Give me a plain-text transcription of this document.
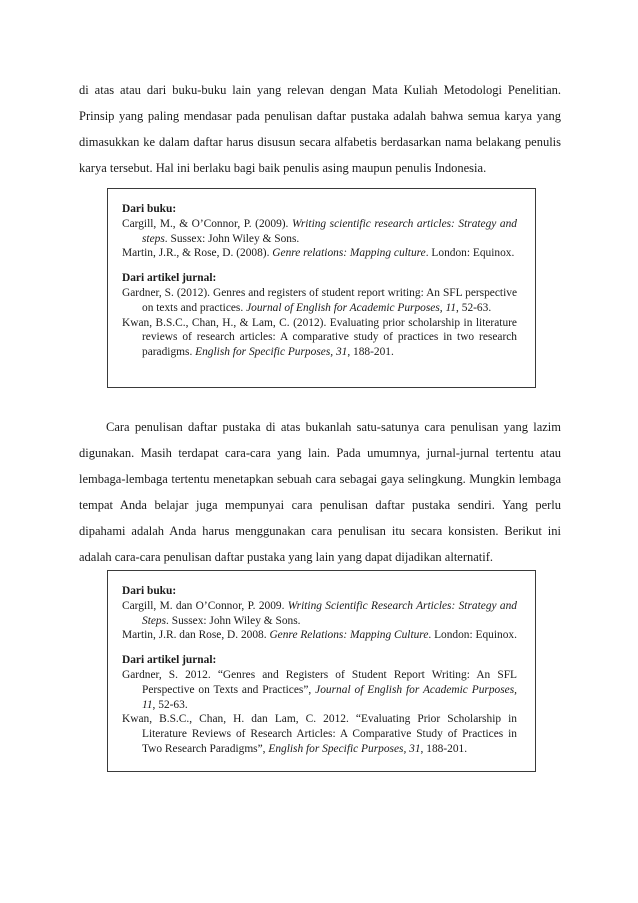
di atas atau dari buku-buku lain yang relevan dengan Mata Kuliah Metodologi Penelitian. Prinsip yang paling mendasar pada penulisan daftar pustaka adalah bahwa semua karya yang dimasukkan ke dalam daftar harus disusun secara alfabetis berdasarkan nama belakang penulis karya tersebut. Hal ini berlaku bagi baik penulis asing maupun penulis Indonesia.

Dari buku:

Cargill, M., & O’Connor, P. (2009). Writing scientific research articles: Strategy and steps. Sussex: John Wiley & Sons.

Martin, J.R., & Rose, D. (2008). Genre relations: Mapping culture. London: Equinox.

Dari artikel jurnal:

Gardner, S. (2012). Genres and registers of student report writing: An SFL perspective on texts and practices. Journal of English for Academic Purposes, 11, 52-63.

Kwan, B.S.C., Chan, H., & Lam, C. (2012). Evaluating prior scholarship in literature reviews of research articles: A comparative study of practices in two research paradigms. English for Specific Purposes, 31, 188-201.

Cara penulisan daftar pustaka di atas bukanlah satu-satunya cara penulisan yang lazim digunakan. Masih terdapat cara-cara yang lain. Pada umumnya, jurnal-jurnal tertentu atau lembaga-lembaga tertentu menetapkan sebuah cara sebagai gaya selingkung. Mungkin lembaga tempat Anda belajar juga mempunyai cara penulisan daftar pustaka sendiri. Yang perlu dipahami adalah Anda harus menggunakan cara penulisan itu secara konsisten. Berikut ini adalah cara-cara penulisan daftar pustaka yang lain yang dapat dijadikan alternatif.

Dari buku:

Cargill, M. dan O’Connor, P. 2009. Writing Scientific Research Articles: Strategy and Steps. Sussex: John Wiley & Sons.

Martin, J.R. dan Rose, D. 2008. Genre Relations: Mapping Culture. London: Equinox.

Dari artikel jurnal:

Gardner, S. 2012. “Genres and Registers of Student Report Writing: An SFL Perspective on Texts and Practices”, Journal of English for Academic Purposes, 11, 52-63.

Kwan, B.S.C., Chan, H. dan Lam, C. 2012. “Evaluating Prior Scholarship in Literature Reviews of Research Articles: A Comparative Study of Practices in Two Research Paradigms”, English for Specific Purposes, 31, 188-201.
